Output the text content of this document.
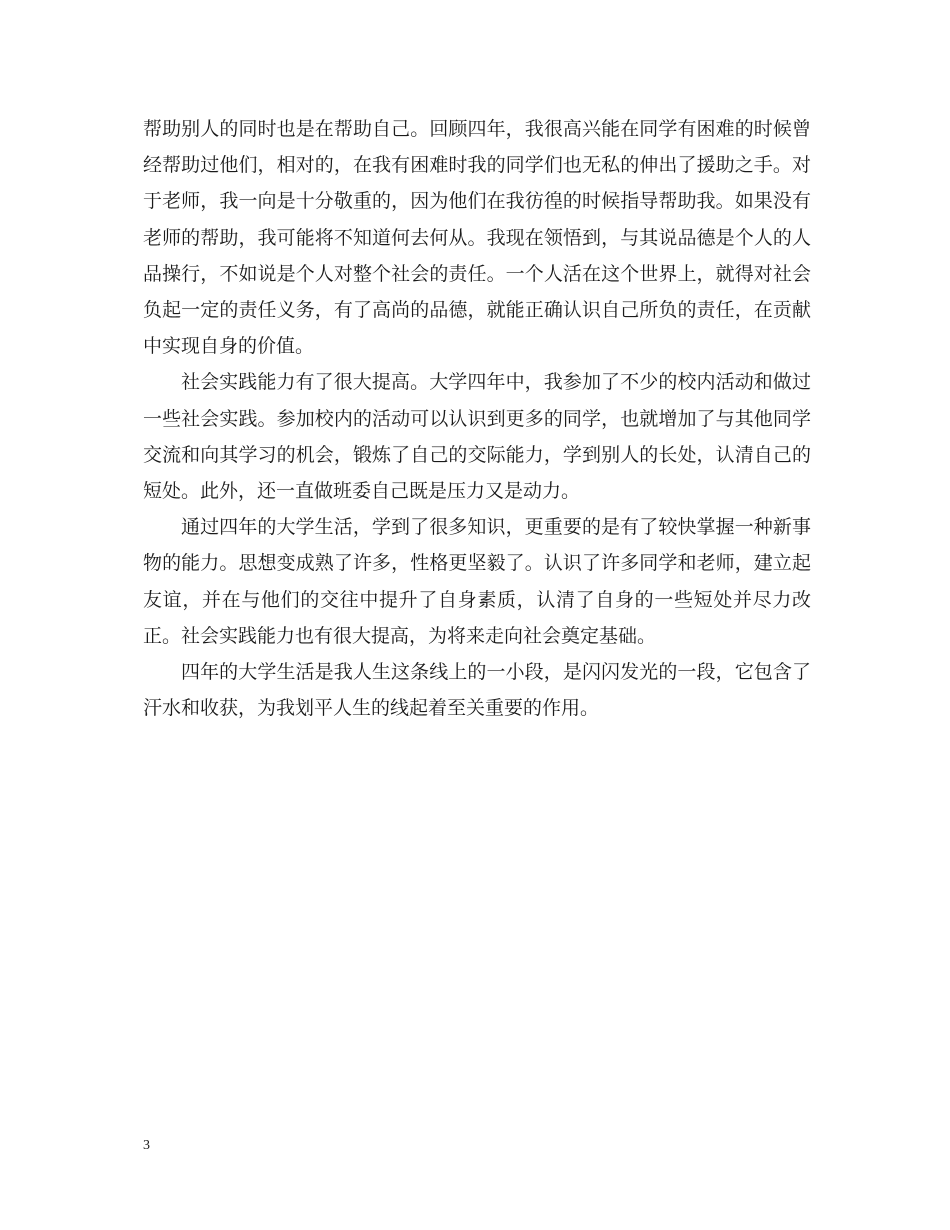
帮助别人的同时也是在帮助自己。回顾四年，我很高兴能在同学有困难的时候曾经帮助过他们，相对的，在我有困难时我的同学们也无私的伸出了援助之手。对于老师，我一向是十分敬重的，因为他们在我彷徨的时候指导帮助我。如果没有老师的帮助，我可能将不知道何去何从。我现在领悟到，与其说品德是个人的人品操行，不如说是个人对整个社会的责任。一个人活在这个世界上，就得对社会负起一定的责任义务，有了高尚的品德，就能正确认识自己所负的责任，在贡献中实现自身的价值。

社会实践能力有了很大提高。大学四年中，我参加了不少的校内活动和做过一些社会实践。参加校内的活动可以认识到更多的同学，也就增加了与其他同学交流和向其学习的机会，锻炼了自己的交际能力，学到别人的长处，认清自己的短处。此外，还一直做班委自己既是压力又是动力。

通过四年的大学生活，学到了很多知识，更重要的是有了较快掌握一种新事物的能力。思想变成熟了许多，性格更坚毅了。认识了许多同学和老师，建立起友谊，并在与他们的交往中提升了自身素质，认清了自身的一些短处并尽力改正。社会实践能力也有很大提高，为将来走向社会奠定基础。

四年的大学生活是我人生这条线上的一小段，是闪闪发光的一段，它包含了汗水和收获，为我划平人生的线起着至关重要的作用。

3
